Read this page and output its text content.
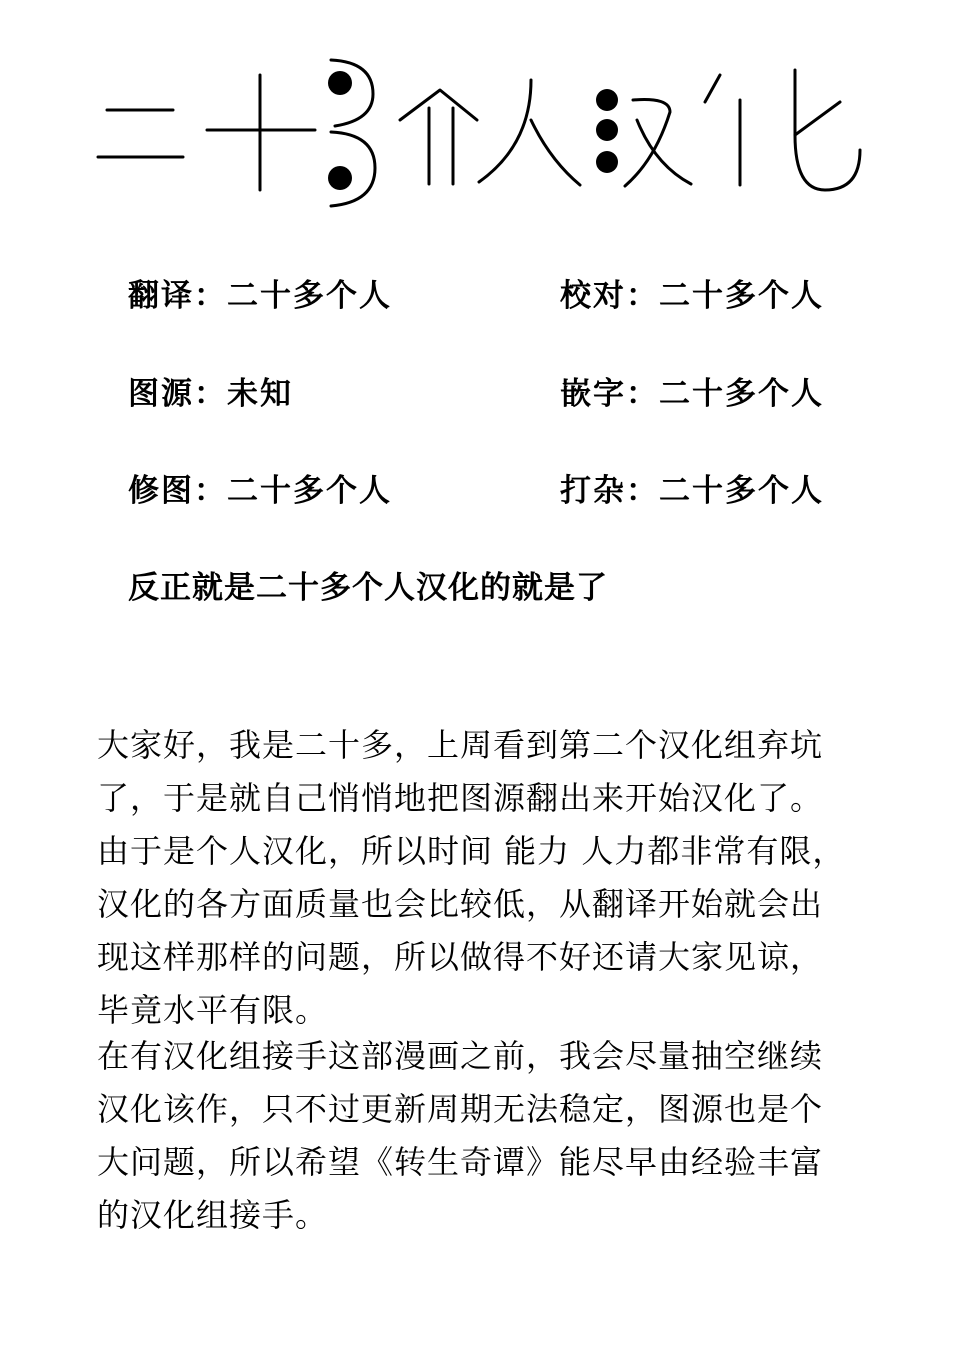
翻译：二十多个人	校对：二十多个人
图源：未知	嵌字：二十多个人
修图：二十多个人	打杂：二十多个人
反正就是二十多个人汉化的就是了
大家好，我是二十多，上周看到第二个汉化组弃坑
了，于是就自己悄悄地把图源翻出来开始汉化了。
由于是个人汉化，所以时间 能力 人力都非常有限，
汉化的各方面质量也会比较低，从翻译开始就会出
现这样那样的问题，所以做得不好还请大家见谅，
毕竟水平有限。
在有汉化组接手这部漫画之前，我会尽量抽空继续
汉化该作，只不过更新周期无法稳定，图源也是个
大问题，所以希望《转生奇谭》能尽早由经验丰富
的汉化组接手。
